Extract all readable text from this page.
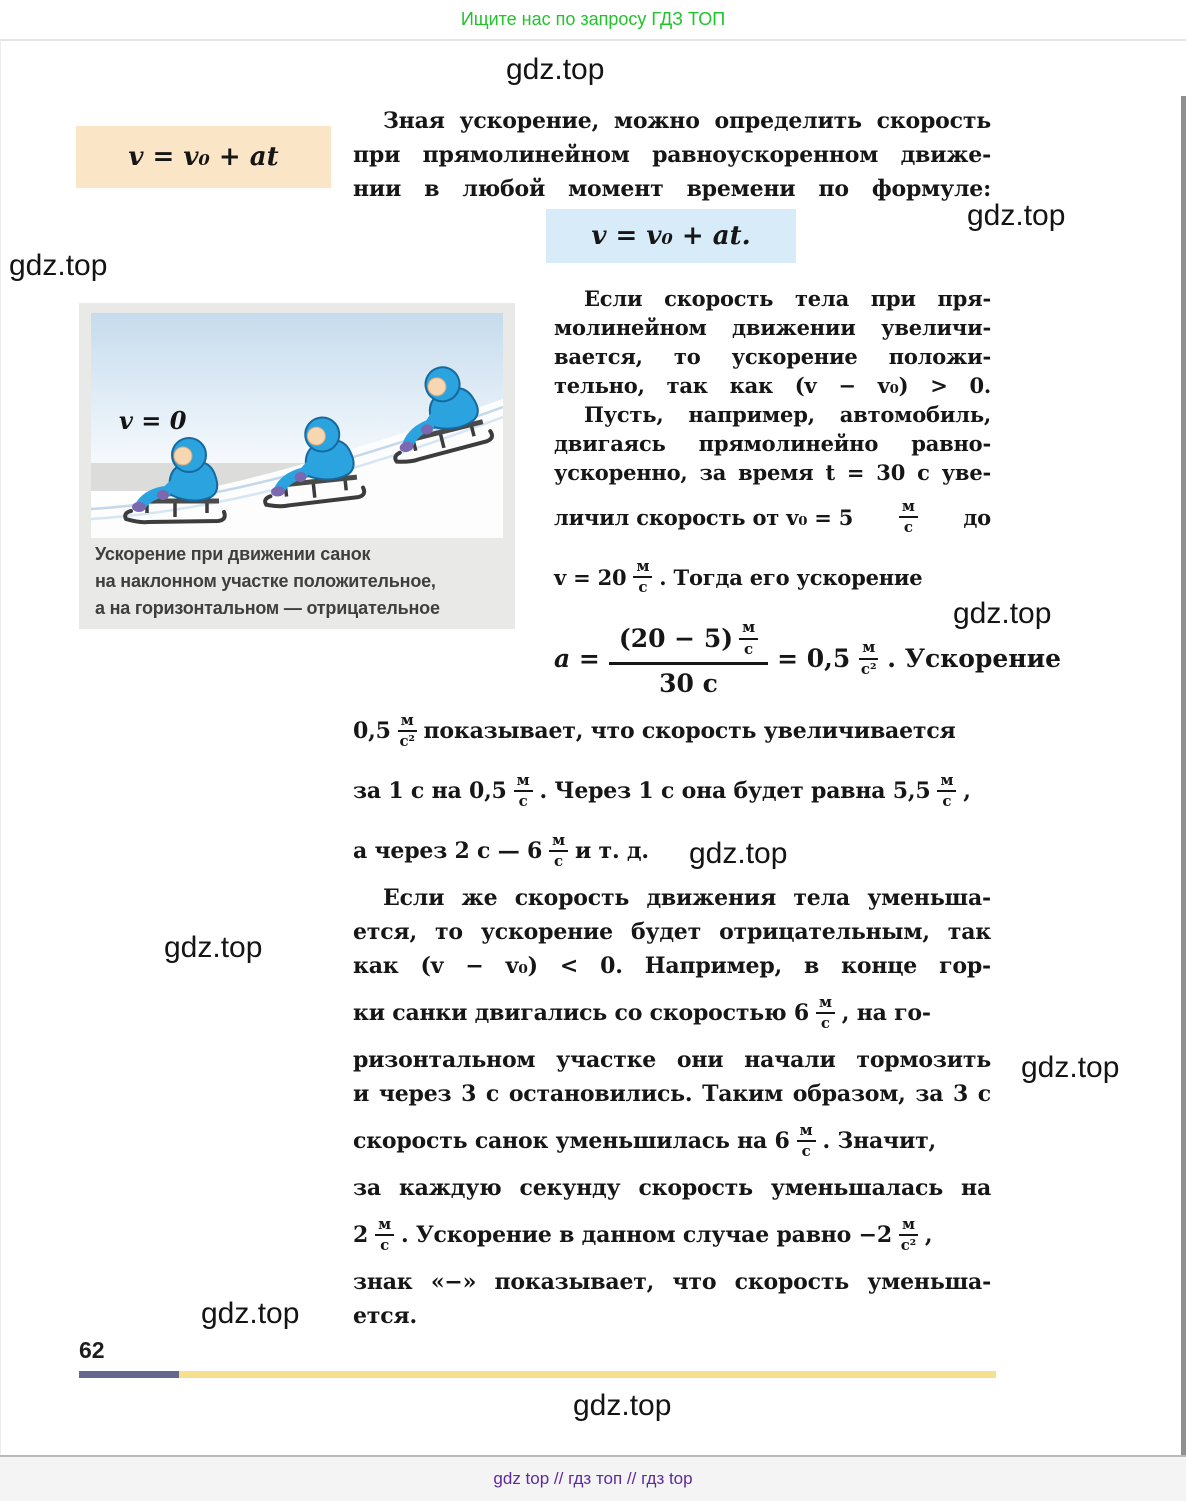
Ищите нас по запросу ГДЗ ТОП
gdz.top
gdz.top
gdz.top
gdz.top
gdz.top
gdz.top
gdz.top
gdz.top
gdz.top
v = v₀ + at
Зная ускорение, можно определить скорость
при прямолинейном равноускоренном движе-
нии в любой момент времени по формуле:
v = v₀ + at.
v = 0
Ускорение при движении санок
на наклонном участке положительное,
а на горизонтальном — отрицательное
Если скорость тела при пря-
молинейном движении увеличи-
вается, то ускорение положи-
тельно, так как (v − v₀) > 0.
Пусть, например, автомобиль,
двигаясь прямолинейно равно-
ускоренно, за время t = 30 с уве-
личил скорость от v₀ = 5	$\frac{м}{с}$ до
$v = 20 \frac{м}{с}$ . Тогда его ускорение
$a = \frac{(20 - 5) \frac{м}{с}}{30 с} = 0,5 \frac{м}{\text{с²}}$ . Ускорение
$0,5 \frac{м}{\text{с²}}$ показывает, что скорость увеличивается
за 1 с на $0,5 \frac{м}{с}$ . Через 1 с она будет равна $5,5 \frac{м}{с}$ ,
а через 2 с — $6 \frac{м}{с}$ и т. д.
Если же скорость движения тела уменьша-
ется, то ускорение будет отрицательным, так
как (v − v₀) < 0. Например, в конце гор-
ки санки двигались со скоростью $6 \frac{м}{с}$ , на го-
ризонтальном участке они начали тормозить
и через 3 с остановились. Таким образом, за 3 с
скорость санок уменьшилась на $6 \frac{м}{с}$ . Значит,
за каждую секунду скорость уменьшалась на
$2 \frac{м}{с}$ . Ускорение в данном случае равно $-2 \frac{м}{\text{с²}}$ ,
знак «−» показывает, что скорость уменьша-
ется.
62
gdz top // гдз топ // гдз top
